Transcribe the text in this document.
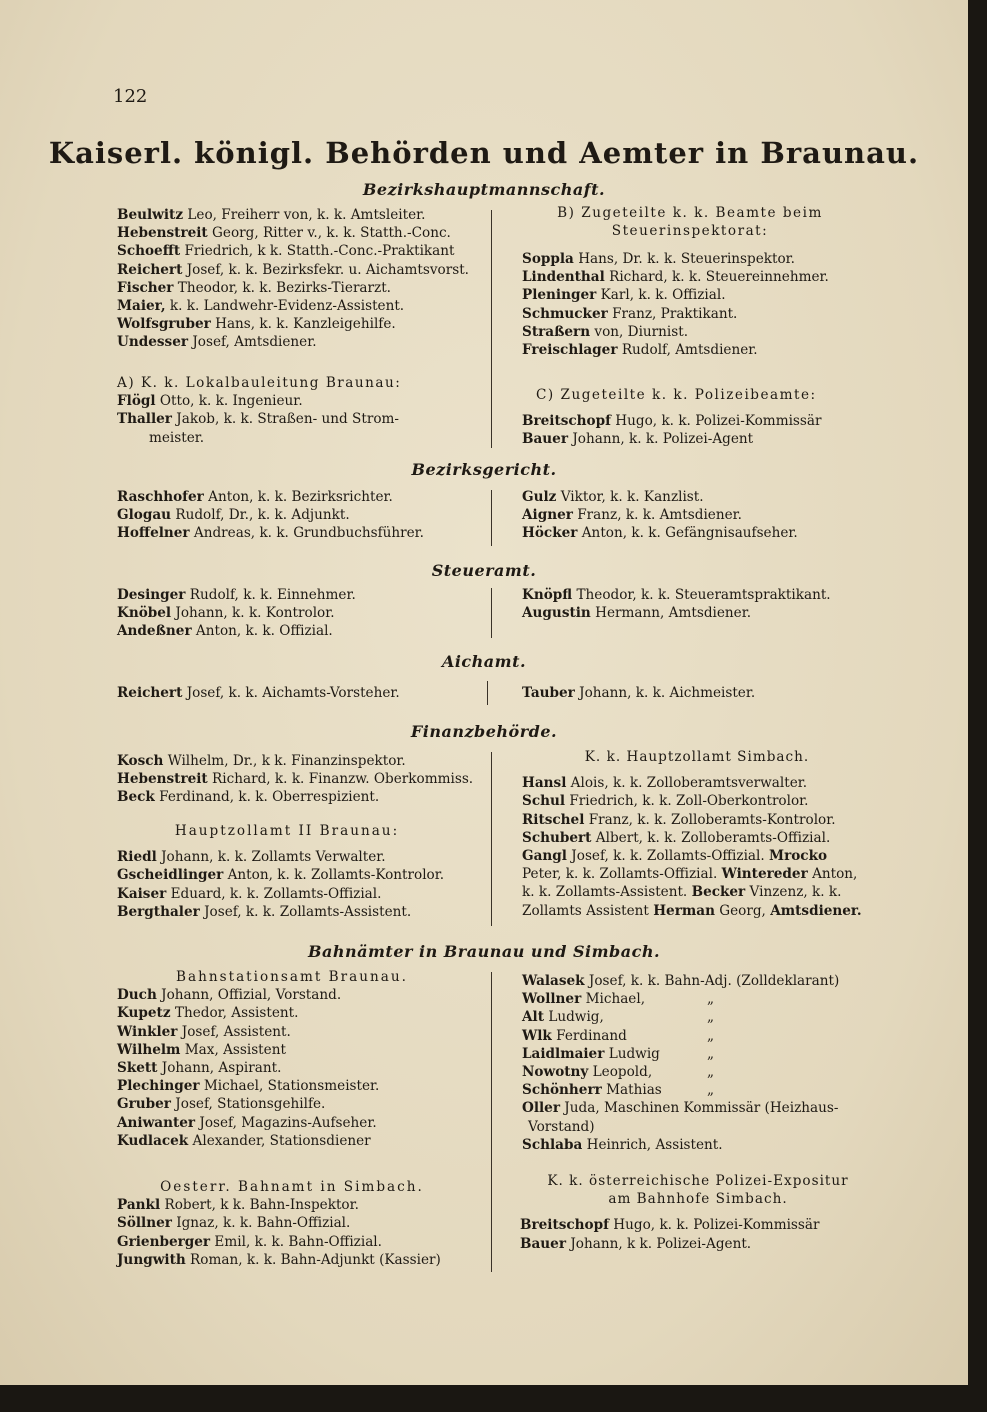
122
Kaiserl. königl. Behörden und Aemter in Braunau.
Bezirkshauptmannschaft.
Beulwitz Leo, Freiherr von, k. k. Amtsleiter.
Hebenstreit Georg, Ritter v., k. k. Statth.-Conc.
Schoefft Friedrich, k k. Statth.-Conc.-Praktikant
Reichert Josef, k. k. Bezirksfekr. u. Aichamtsvorst.
Fischer Theodor, k. k. Bezirks-Tierarzt.
Maier, k. k. Landwehr-Evidenz-Assistent.
Wolfsgruber Hans, k. k. Kanzleigehilfe.
Undesser Josef, Amtsdiener.
A) K. k. Lokalbauleitung Braunau:
Flögl Otto, k. k. Ingenieur.
Thaller Jakob, k. k. Straßen- und Strom-
meister.
B) Zugeteilte k. k. Beamte beim Steuerinspektorat:
Soppla Hans, Dr. k. k. Steuerinspektor.
Lindenthal Richard, k. k. Steuereinnehmer.
Pleninger Karl, k. k. Offizial.
Schmucker Franz, Praktikant.
Straßern von, Diurnist.
Freischlager Rudolf, Amtsdiener.
C) Zugeteilte k. k. Polizeibeamte:
Breitschopf Hugo, k. k. Polizei-Kommissär
Bauer Johann, k. k. Polizei-Agent
Bezirksgericht.
Raschhofer Anton, k. k. Bezirksrichter.
Glogau Rudolf, Dr., k. k. Adjunkt.
Hoffelner Andreas, k. k. Grundbuchsführer.
Gulz Viktor, k. k. Kanzlist.
Aigner Franz, k. k. Amtsdiener.
Höcker Anton, k. k. Gefängnisaufseher.
Steueramt.
Desinger Rudolf, k. k. Einnehmer.
Knöbel Johann, k. k. Kontrolor.
Andeßner Anton, k. k. Offizial.
Knöpfl Theodor, k. k. Steueramtspraktikant.
Augustin Hermann, Amtsdiener.
Aichamt.
Reichert Josef, k. k. Aichamts-Vorsteher.	Tauber Johann, k. k. Aichmeister.
Finanzbehörde.
Kosch Wilhelm, Dr., k k. Finanzinspektor.
Hebenstreit Richard, k. k. Finanzw. Oberkommiss.
Beck Ferdinand, k. k. Oberrespizient.
Hauptzollamt II Braunau:
Riedl Johann, k. k. Zollamts Verwalter.
Gscheidlinger Anton, k. k. Zollamts-Kontrolor.
Kaiser Eduard, k. k. Zollamts-Offizial.
Bergthaler Josef, k. k. Zollamts-Assistent.
K. k. Hauptzollamt Simbach.
Hansl Alois, k. k. Zolloberamtsverwalter.
Schul Friedrich, k. k. Zoll-Oberkontrolor.
Ritschel Franz, k. k. Zolloberamts-Kontrolor.
Schubert Albert, k. k. Zolloberamts-Offizial.
Gangl Josef, k. k. Zollamts-Offizial. Mrocko
Peter, k. k. Zollamts-Offizial. Wintereder Anton,
k. k. Zollamts-Assistent. Becker Vinzenz, k. k.
Zollamts Assistent Herman Georg, Amtsdiener.
Bahnämter in Braunau und Simbach.
Bahnstationsamt Braunau.
Duch Johann, Offizial, Vorstand.
Kupetz Thedor, Assistent.
Winkler Josef, Assistent.
Wilhelm Max, Assistent
Skett Johann, Aspirant.
Plechinger Michael, Stationsmeister.
Gruber Josef, Stationsgehilfe.
Aniwanter Josef, Magazins-Aufseher.
Kudlacek Alexander, Stationsdiener
Oesterr. Bahnamt in Simbach.
Pankl Robert, k k. Bahn-Inspektor.
Söllner Ignaz, k. k. Bahn-Offizial.
Grienberger Emil, k. k. Bahn-Offizial.
Jungwith Roman, k. k. Bahn-Adjunkt (Kassier)
Walasek Josef, k. k. Bahn-Adj. (Zolldeklarant)
Wollner Michael,	„
Alt Ludwig,	„
Wlk Ferdinand	„
Laidlmaier Ludwig	„
Nowotny Leopold,	„
Schönherr Mathias	„
Oller Juda, Maschinen Kommissär (Heizhaus-
Vorstand)
Schlaba Heinrich, Assistent.
K. k. österreichische Polizei-Expositur
am Bahnhofe Simbach.
Breitschopf Hugo, k. k. Polizei-Kommissär
Bauer Johann, k k. Polizei-Agent.
